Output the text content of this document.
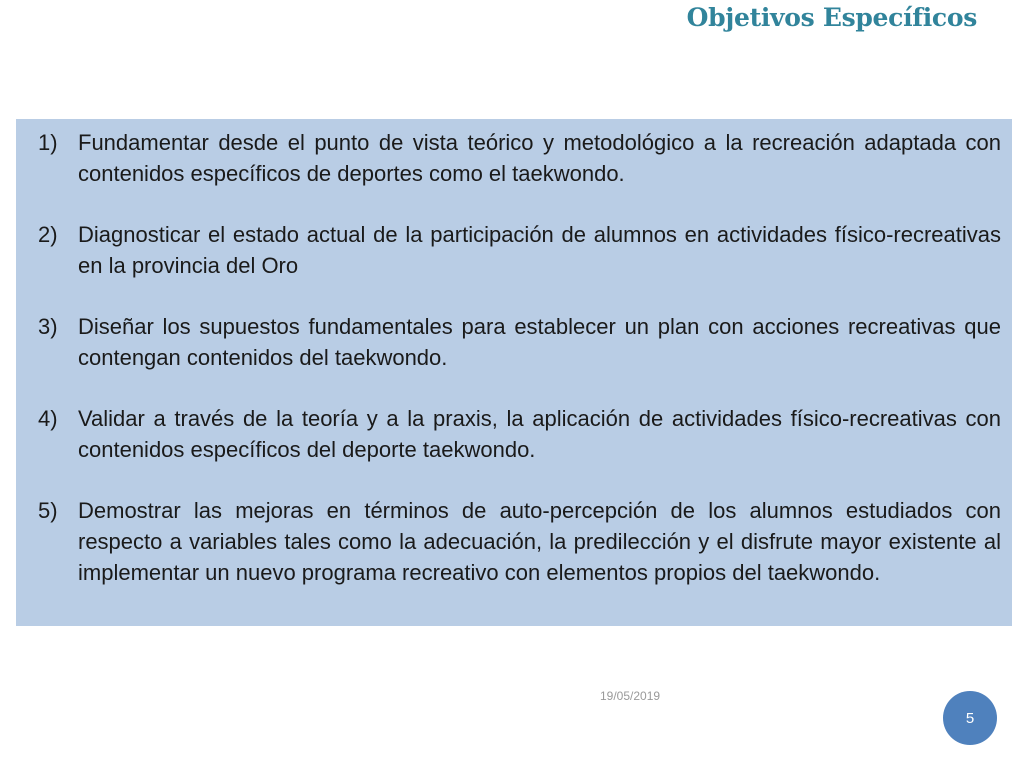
Objetivos Específicos
1) Fundamentar desde el punto de vista teórico y metodológico a la recreación adaptada con contenidos específicos de deportes como el taekwondo.
2) Diagnosticar el estado actual de la participación de alumnos en actividades físico-recreativas en la provincia del Oro
3) Diseñar los supuestos fundamentales para establecer un plan con acciones recreativas que contengan contenidos del taekwondo.
4) Validar a través de la teoría y a la praxis, la aplicación de actividades físico-recreativas con contenidos específicos del deporte taekwondo.
5) Demostrar las mejoras en términos de auto-percepción de los alumnos estudiados con respecto a variables tales como la adecuación, la predilección y el disfrute mayor existente al implementar un nuevo programa recreativo con elementos propios del taekwondo.
19/05/2019
5
